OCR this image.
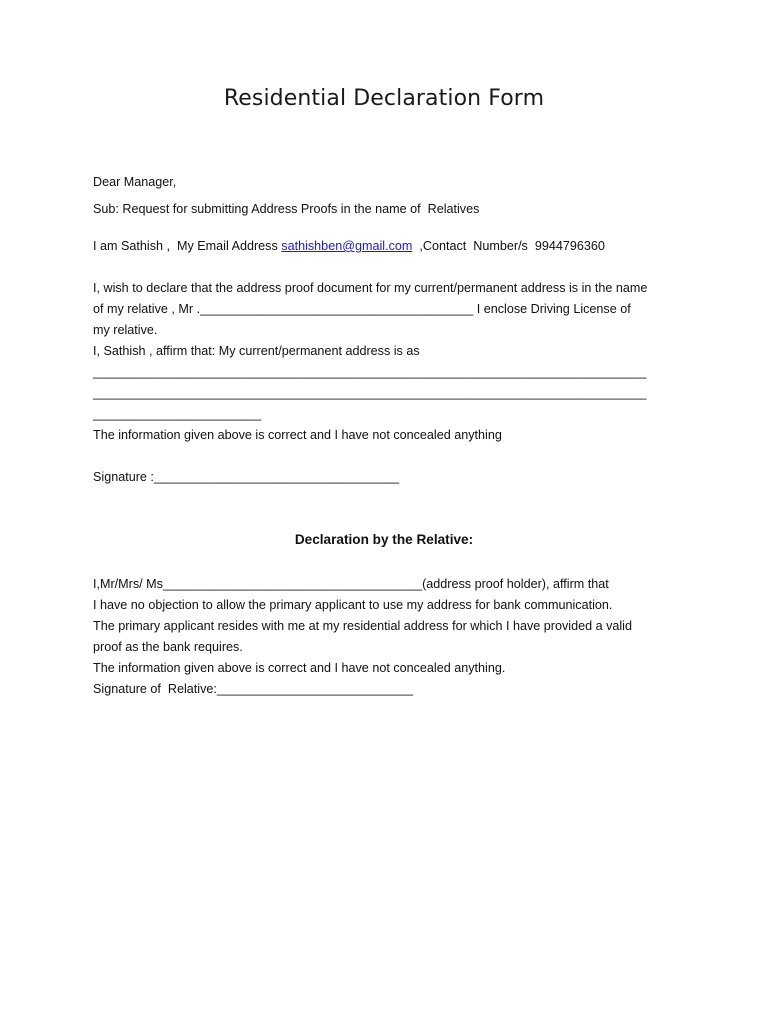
Residential Declaration Form
Dear Manager,
Sub: Request for submitting Address Proofs in the name of  Relatives
I am Sathish ,  My Email Address sathishben@gmail.com  ,Contact  Number/s  9944796360
I, wish to declare that the address proof document for my current/permanent address is in the name
of my relative , Mr ._______________________________________ I enclose Driving License of
my relative.
I, Sathish , affirm that: My current/permanent address is as
_______________________________________________________________________________
_______________________________________________________________________________
________________________
The information given above is correct and I have not concealed anything
Signature :___________________________________
Declaration by the Relative:
I,Mr/Mrs/ Ms_____________________________________(address proof holder), affirm that
I have no objection to allow the primary applicant to use my address for bank communication.
The primary applicant resides with me at my residential address for which I have provided a valid
proof as the bank requires.
The information given above is correct and I have not concealed anything.
Signature of  Relative:____________________________
